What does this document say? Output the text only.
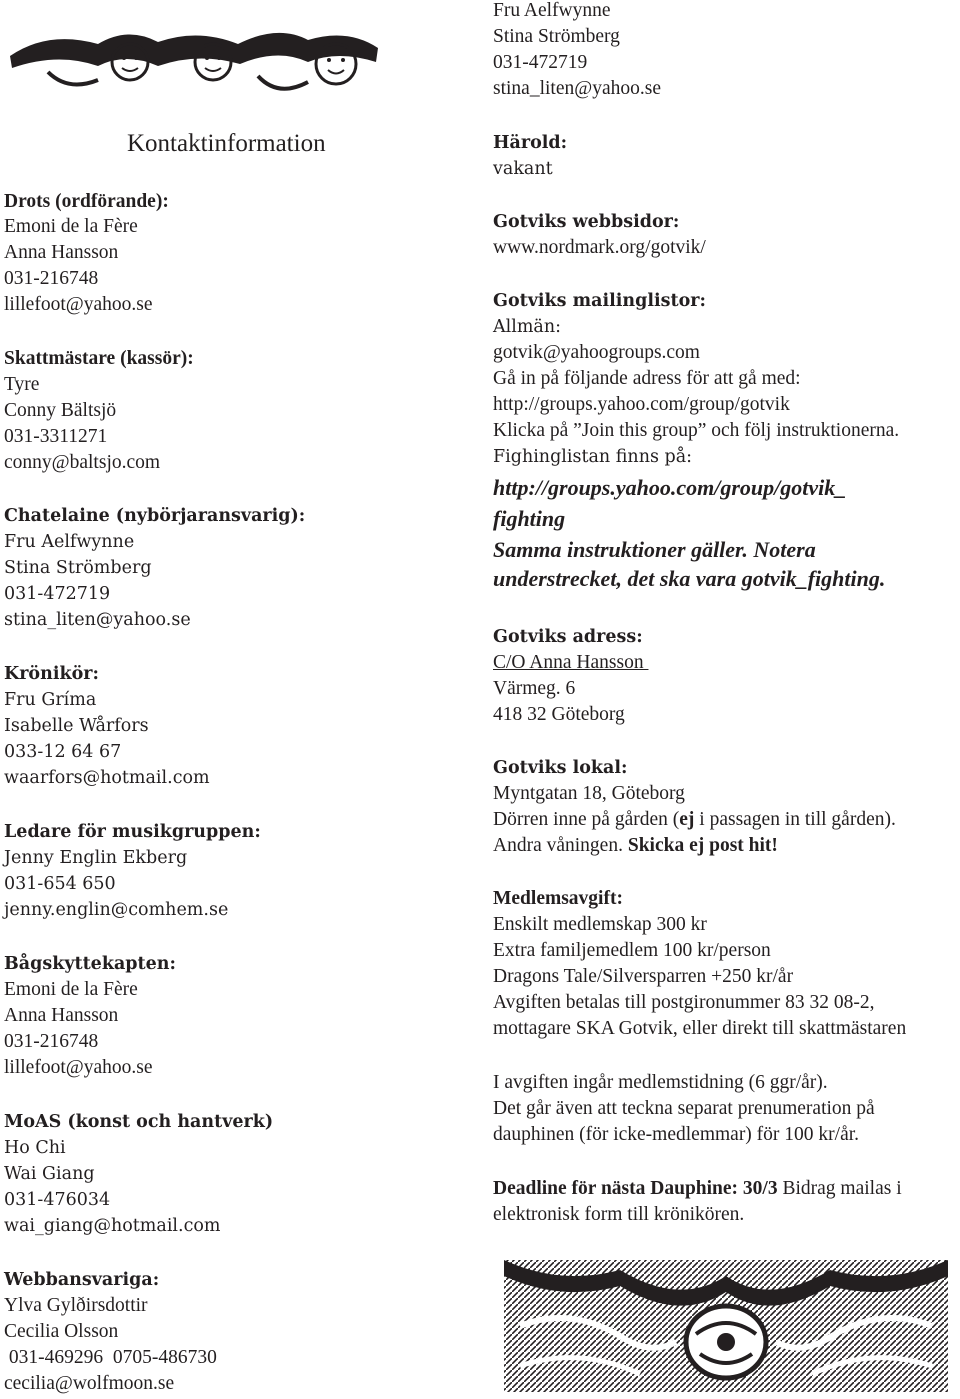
Kontaktinformation
Drots (ordförande):
Emoni de la Fère
Anna Hansson
031-216748
lillefoot@yahoo.se
Skattmästare (kassör):
Tyre
Conny Bältsjö
031-3311271
conny@baltsjo.com
Chatelaine (nybörjaransvarig):
Fru Aelfwynne
Stina Strömberg
031-472719
stina_liten@yahoo.se
Krönikör:
Fru Gríma
Isabelle Wårfors
033-12 64 67
waarfors@hotmail.com
Ledare för musikgruppen:
Jenny Englin Ekberg
031-654 650
jenny.englin@comhem.se
Bågskyttekapten:
Emoni de la Fère
Anna Hansson
031-216748
lillefoot@yahoo.se
MoAS (konst och hantverk)
Ho Chi
Wai Giang
031-476034
wai_giang@hotmail.com
Webbansvariga:
Ylva Gylðirsdottir
Cecilia Olsson
031-469296  0705-486730
cecilia@wolfmoon.se
Fru Aelfwynne
Stina Strömberg
031-472719
stina_liten@yahoo.se
Härold:
vakant
Gotviks webbsidor:
www.nordmark.org/gotvik/
Gotviks mailinglistor:
Allmän:
gotvik@yahoogroups.com
Gå in på följande adress för att gå med:
http://groups.yahoo.com/group/gotvik
Klicka på ”Join this group” och följ instruktionerna.
Fighinglistan finns på:
http://groups.yahoo.com/group/gotvik_
fighting
Samma instruktioner gäller. Notera
understrecket, det ska vara gotvik_fighting.
Gotviks adress:
C/O Anna Hansson
Värmeg. 6
418 32 Göteborg
Gotviks lokal:
Myntgatan 18, Göteborg
Dörren inne på gården (ej i passagen in till gården).
Andra våningen. Skicka ej post hit!
Medlemsavgift:
Enskilt medlemskap 300 kr
Extra familjemedlem 100 kr/person
Dragons Tale/Silversparren +250 kr/år
Avgiften betalas till postgironummer 83 32 08-2,
mottagare SKA Gotvik, eller direkt till skattmästaren
I avgiften ingår medlemstidning (6 ggr/år).
Det går även att teckna separat prenumeration på
dauphinen (för icke-medlemmar) för 100 kr/år.
Deadline för nästa Dauphine: 30/3 Bidrag mailas i
elektronisk form till krönikören.
